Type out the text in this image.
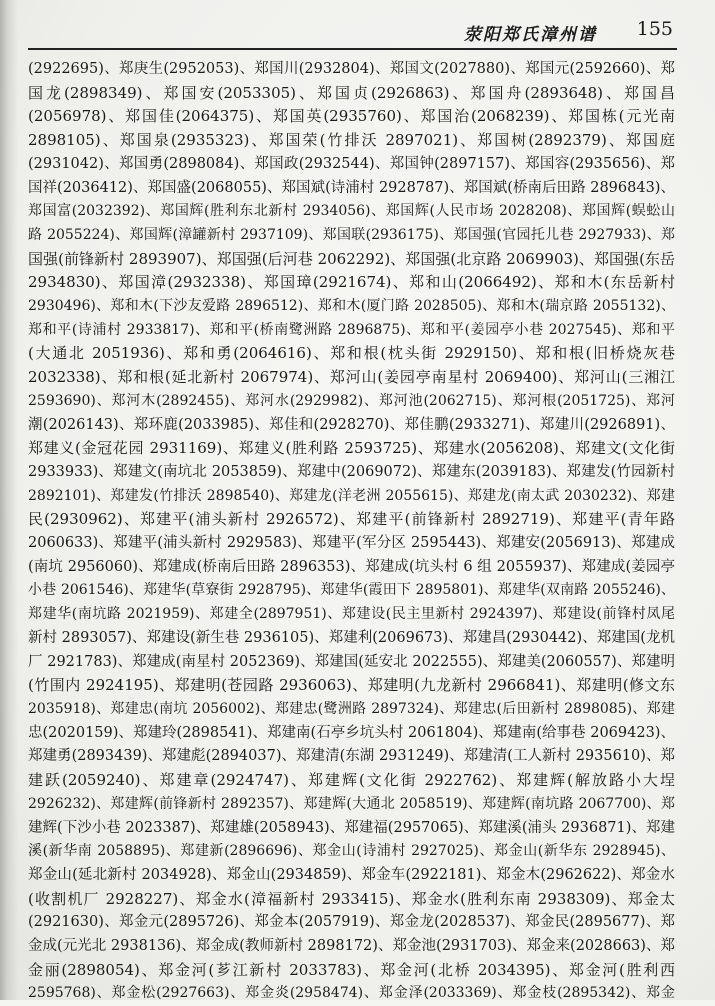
荥阳郑氏漳州谱 155
(2922695)、郑庚生(2952053)、郑国川(2932804)、郑国文(2027880)、郑国元(2592660)、郑
国龙(2898349)、郑国安(2053305)、郑国贞(2926863)、郑国舟(2893648)、郑国昌
(2056978)、郑国佳(2064375)、郑国英(2935760)、郑国治(2068239)、郑国栋(元光南
2898105)、郑国泉(2935323)、郑国荣(竹排沃 2897021)、郑国树(2892379)、郑国庭
(2931042)、郑国勇(2898084)、郑国政(2932544)、郑国钟(2897157)、郑国容(2935656)、郑
国祥(2036412)、郑国盛(2068055)、郑国斌(诗浦村 2928787)、郑国斌(桥南后田路 2896843)、
郑国富(2032392)、郑国辉(胜利东北新村 2934056)、郑国辉(人民市场 2028208)、郑国辉(蜈蚣山
路 2055224)、郑国辉(漳罐新村 2937109)、郑国联(2936175)、郑国强(官园托儿巷 2927933)、郑
国强(前锋新村 2893907)、郑国强(后河巷 2062292)、郑国强(北京路 2069903)、郑国强(东岳
2934830)、郑国漳(2932338)、郑国璋(2921674)、郑和山(2066492)、郑和木(东岳新村
2930496)、郑和木(下沙友爱路 2896512)、郑和木(厦门路 2028505)、郑和木(瑞京路 2055132)、
郑和平(诗浦村 2933817)、郑和平(桥南鹭洲路 2896875)、郑和平(姜园亭小巷 2027545)、郑和平
(大通北 2051936)、郑和勇(2064616)、郑和根(枕头街 2929150)、郑和根(旧桥烧灰巷
2032338)、郑和根(延北新村 2067974)、郑河山(姜园亭南星村 2069400)、郑河山(三湘江
2593690)、郑河木(2892455)、郑河水(2929982)、郑河池(2062715)、郑河根(2051725)、郑河
潮(2026143)、郑环鹿(2033985)、郑佳和(2928270)、郑佳鹏(2933271)、郑建川(2926891)、
郑建义(金冠花园 2931169)、郑建义(胜利路 2593725)、郑建水(2056208)、郑建文(文化街
2933933)、郑建文(南坑北 2053859)、郑建中(2069072)、郑建东(2039183)、郑建发(竹园新村
2892101)、郑建发(竹排沃 2898540)、郑建龙(洋老洲 2055615)、郑建龙(南太武 2030232)、郑建
民(2930962)、郑建平(浦头新村 2926572)、郑建平(前锋新村 2892719)、郑建平(青年路
2060633)、郑建平(浦头新村 2929583)、郑建平(军分区 2595443)、郑建安(2056913)、郑建成
(南坑 2956060)、郑建成(桥南后田路 2896353)、郑建成(坑头村 6 组 2055937)、郑建成(姜园亭
小巷 2061546)、郑建华(草寮街 2928795)、郑建华(霞田下 2895801)、郑建华(双南路 2055246)、
郑建华(南坑路 2021959)、郑建全(2897951)、郑建设(民主里新村 2924397)、郑建设(前锋村凤尾
新村 2893057)、郑建设(新生巷 2936105)、郑建利(2069673)、郑建昌(2930442)、郑建国(龙机
厂 2921783)、郑建成(南星村 2052369)、郑建国(延安北 2022555)、郑建美(2060557)、郑建明
(竹围内 2924195)、郑建明(苍园路 2936063)、郑建明(九龙新村 2966841)、郑建明(修文东
2035918)、郑建忠(南坑 2056002)、郑建忠(鹭洲路 2897324)、郑建忠(后田新村 2898085)、郑建
忠(2020159)、郑建玲(2898541)、郑建南(石亭乡坑头村 2061804)、郑建南(给事巷 2069423)、
郑建勇(2893439)、郑建彪(2894037)、郑建清(东湖 2931249)、郑建清(工人新村 2935610)、郑
建跃(2059240)、郑建章(2924747)、郑建辉(文化街 2922762)、郑建辉(解放路小大埕
2926232)、郑建辉(前锋新村 2892357)、郑建辉(大通北 2058519)、郑建辉(南坑路 2067700)、郑
建辉(下沙小巷 2023387)、郑建雄(2058943)、郑建福(2957065)、郑建溪(浦头 2936871)、郑建
溪(新华南 2058895)、郑建新(2896696)、郑金山(诗浦村 2927025)、郑金山(新华东 2928945)、
郑金山(延北新村 2034928)、郑金山(2934859)、郑金车(2922181)、郑金木(2962622)、郑金水
(收割机厂 2928227)、郑金水(漳福新村 2933415)、郑金水(胜利东南 2938309)、郑金太
(2921630)、郑金元(2895726)、郑金本(2057919)、郑金龙(2028537)、郑金民(2895677)、郑
金成(元光北 2938136)、郑金成(教师新村 2898172)、郑金池(2931703)、郑金来(2028663)、郑
金丽(2898054)、郑金河(芗江新村 2033783)、郑金河(北桥 2034395)、郑金河(胜利西
2595768)、郑金松(2927663)、郑金炎(2958474)、郑金泽(2033369)、郑金枝(2895342)、郑金
